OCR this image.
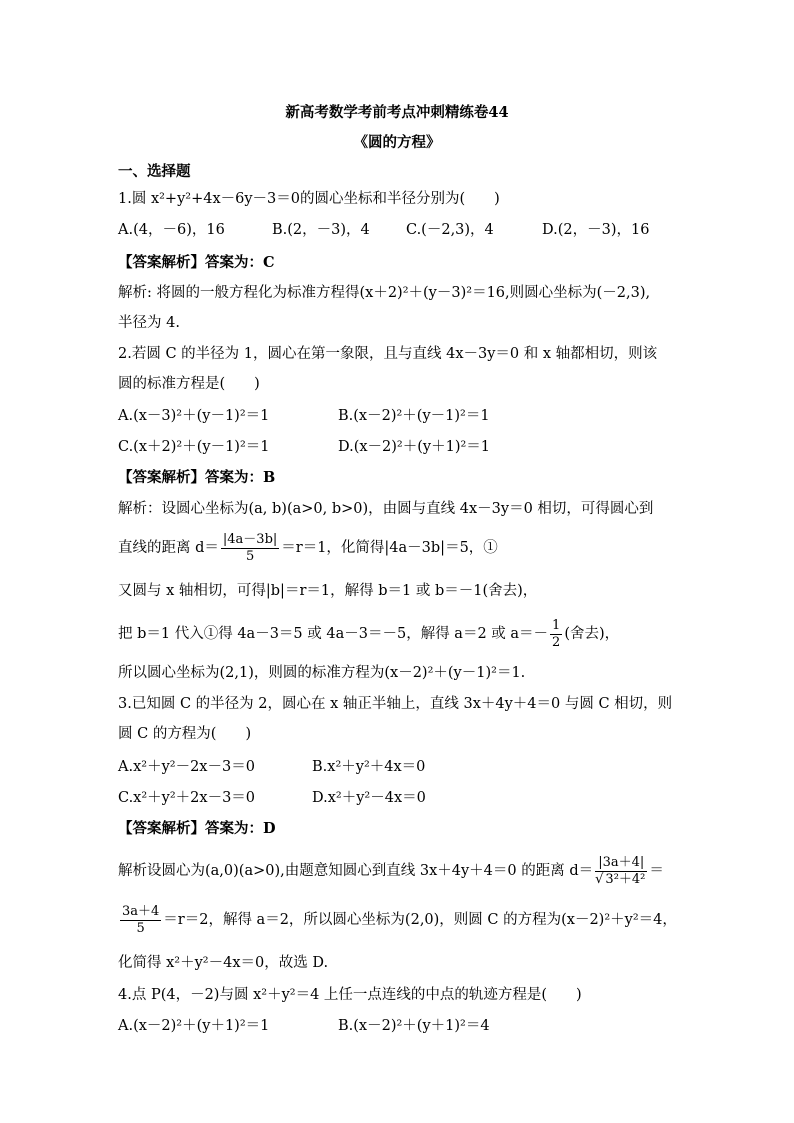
新高考数学考前考点冲刺精练卷44
《圆的方程》
一、选择题
1.圆 x²+y²+4x－6y－3＝0的圆心坐标和半径分别为(　　)
A.(4，－6)，16	B.(2，－3)，4 C.(－2,3)，4	D.(2，－3)，16
【答案解析】答案为：C
解析: 将圆的一般方程化为标准方程得(x＋2)²＋(y－3)²＝16,则圆心坐标为(－2,3),
半径为 4.
2.若圆 C 的半径为 1，圆心在第一象限，且与直线 4x－3y＝0 和 x 轴都相切，则该
圆的标准方程是(　　)
A.(x－3)²＋(y－1)²＝1	B.(x－2)²＋(y－1)²＝1
C.(x＋2)²＋(y－1)²＝1	D.(x－2)²＋(y＋1)²＝1
【答案解析】答案为：B
解析：设圆心坐标为(a, b)(a>0, b>0)，由圆与直线 4x－3y＝0 相切，可得圆心到
直线的距离 $d= \frac{|4a-3b|}{5} =r=1$，化简得|4a－3b|＝5，①
又圆与 x 轴相切，可得|b|＝r＝1，解得 b＝1 或 b＝－1(舍去)，
把 b＝1 代入①得 4a－3＝5 或 4a－3＝－5，解得 a＝2 或 $a=- \frac{1}{2}$ (舍去)，
所以圆心坐标为(2,1)，则圆的标准方程为(x－2)²＋(y－1)²＝1.
3.已知圆 C 的半径为 2，圆心在 x 轴正半轴上，直线 3x＋4y＋4＝0 与圆 C 相切，则
圆 C 的方程为(　　)
A.x²＋y²－2x－3＝0	B.x²＋y²＋4x＝0
C.x²＋y²＋2x－3＝0	D.x²＋y²－4x＝0
【答案解析】答案为：D
解析设圆心为(a,0)(a>0),由题意知圆心到直线 3x＋4y＋4＝0 的距离 $d= \frac{|3a+4|}{\text{√ 3²＋4²}}$ ＝
$\frac{3a+4}{5} =r=2$，解得 a＝2，所以圆心坐标为(2,0)，则圆 C 的方程为(x－2)²＋y²＝4，
化简得 x²＋y²－4x＝0，故选 D.
4.点 P(4，－2)与圆 x²＋y²＝4 上任一点连线的中点的轨迹方程是(　　)
A.(x－2)²＋(y＋1)²＝1	B.(x－2)²＋(y＋1)²＝4
